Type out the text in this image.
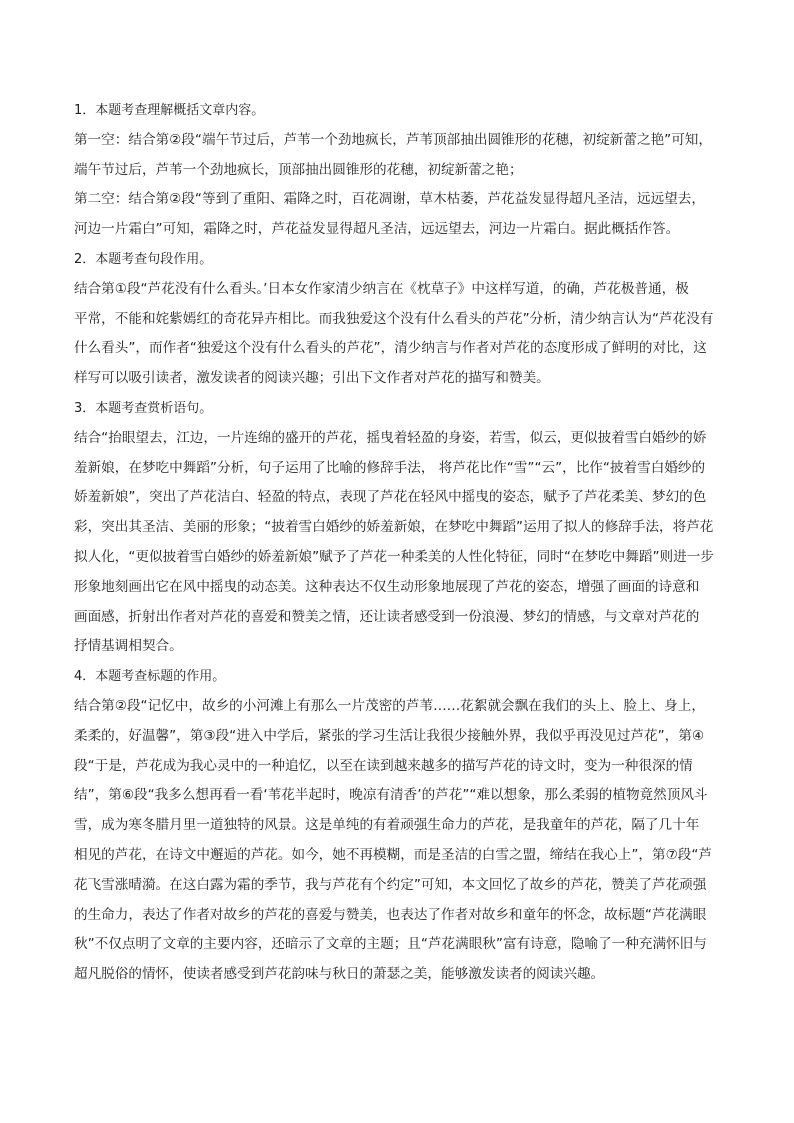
1．本题考查理解概括文章内容。
第一空：结合第②段“端午节过后，芦苇一个劲地疯长，芦苇顶部抽出圆锥形的花穗，初绽新蕾之艳”可知，
端午节过后，芦苇一个劲地疯长，顶部抽出圆锥形的花穗，初绽新蕾之艳；
第二空：结合第②段“等到了重阳、霜降之时，百花凋谢，草木枯萎，芦花益发显得超凡圣洁，远远望去，
河边一片霜白”可知，霜降之时，芦花益发显得超凡圣洁，远远望去，河边一片霜白。据此概括作答。
2．本题考查句段作用。
结合第①段“芦花没有什么看头。’日本女作家清少纳言在《枕草子》中这样写道，的确，芦花极普通，极
平常，不能和姹紫嫣红的奇花异卉相比。而我独爱这个没有什么看头的芦花”分析，清少纳言认为“芦花没有
什么看头”，而作者“独爱这个没有什么看头的芦花”，清少纳言与作者对芦花的态度形成了鲜明的对比，这
样写可以吸引读者，激发读者的阅读兴趣；引出下文作者对芦花的描写和赞美。
3．本题考查赏析语句。
结合“抬眼望去，江边，一片连绵的盛开的芦花，摇曳着轻盈的身姿，若雪，似云，更似披着雪白婚纱的娇
羞新娘，在梦吃中舞蹈”分析，句子运用了比喻的修辞手法， 将芦花比作“雪”“云”，比作“披着雪白婚纱的
娇羞新娘”，突出了芦花洁白、轻盈的特点，表现了芦花在轻风中摇曳的姿态，赋予了芦花柔美、梦幻的色
彩，突出其圣洁、美丽的形象；“披着雪白婚纱的娇羞新娘，在梦吃中舞蹈”运用了拟人的修辞手法，将芦花
拟人化，“更似披着雪白婚纱的娇羞新娘”赋予了芦花一种柔美的人性化特征，同时“在梦吃中舞蹈”则进一步
形象地刻画出它在风中摇曳的动态美。这种表达不仅生动形象地展现了芦花的姿态，增强了画面的诗意和
画面感，折射出作者对芦花的喜爱和赞美之情，还让读者感受到一份浪漫、梦幻的情感，与文章对芦花的
抒情基调相契合。
4．本题考查标题的作用。
结合第②段“记忆中，故乡的小河滩上有那么一片茂密的芦苇……花絮就会飘在我们的头上、脸上、身上，
柔柔的，好温馨”，第③段“进入中学后，紧张的学习生活让我很少接触外界，我似乎再没见过芦花”，第④
段“于是，芦花成为我心灵中的一种追忆，以至在读到越来越多的描写芦花的诗文时，变为一种很深的情
结”，第⑥段“我多么想再看一看‘苇花半起时，晚凉有清香’的芦花”“难以想象，那么柔弱的植物竟然顶风斗
雪，成为寒冬腊月里一道独特的风景。这是单纯的有着顽强生命力的芦花，是我童年的芦花，隔了几十年
相见的芦花，在诗文中邂逅的芦花。如今，她不再模糊，而是圣洁的白雪之盟，缔结在我心上”，第⑦段“芦
花飞雪涨晴漪。在这白露为霜的季节，我与芦花有个约定”可知，本文回忆了故乡的芦花，赞美了芦花顽强
的生命力，表达了作者对故乡的芦花的喜爱与赞美，也表达了作者对故乡和童年的怀念，故标题“芦花满眼
秋”不仅点明了文章的主要内容，还暗示了文章的主题；且“芦花满眼秋”富有诗意，隐喻了一种充满怀旧与
超凡脱俗的情怀，使读者感受到芦花韵味与秋日的萧瑟之美，能够激发读者的阅读兴趣。
